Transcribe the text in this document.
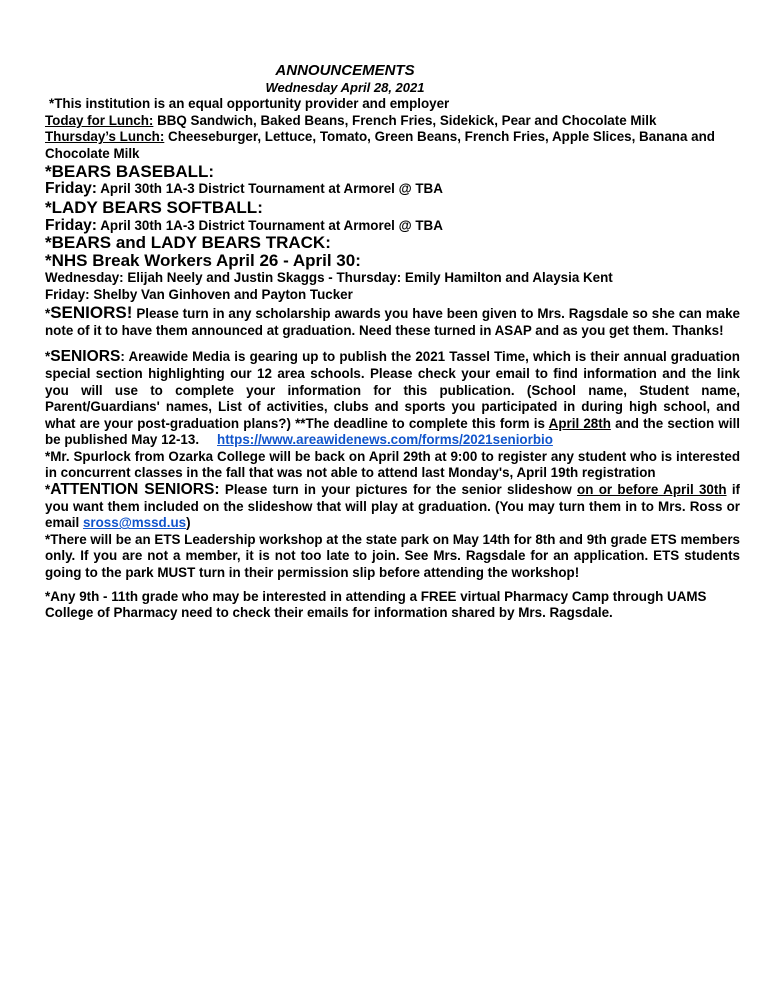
ANNOUNCEMENTS
Wednesday April 28, 2021

*This institution is an equal opportunity provider and employer

Today for Lunch: BBQ Sandwich, Baked Beans, French Fries, Sidekick, Pear and Chocolate Milk

Thursday’s Lunch: Cheeseburger, Lettuce, Tomato, Green Beans, French Fries, Apple Slices, Banana and Chocolate Milk

*BEARS BASEBALL:

Friday: April 30th 1A-3 District Tournament at Armorel @ TBA

*LADY BEARS SOFTBALL:

Friday: April 30th 1A-3 District Tournament at Armorel @ TBA

*BEARS and LADY BEARS TRACK:

*NHS Break Workers April 26 - April 30:

Wednesday: Elijah Neely and Justin Skaggs - Thursday: Emily Hamilton and Alaysia Kent

Friday: Shelby Van Ginhoven and Payton Tucker

*SENIORS! Please turn in any scholarship awards you have been given to Mrs. Ragsdale so she can make note of it to have them announced at graduation. Need these turned in ASAP and as you get them. Thanks!

*SENIORS: Areawide Media is gearing up to publish the 2021 Tassel Time, which is their annual graduation special section highlighting our 12 area schools. Please check your email to find information and the link you will use to complete your information for this publication. (School name, Student name, Parent/Guardians' names, List of activities, clubs and sports you participated in during high school, and what are your post-graduation plans?) **The deadline to complete this form is April 28th and the section will be published May 12-13. https://www.areawidenews.com/forms/2021seniorbio

*Mr. Spurlock from Ozarka College will be back on April 29th at 9:00 to register any student who is interested in concurrent classes in the fall that was not able to attend last Monday's, April 19th registration

*ATTENTION SENIORS: Please turn in your pictures for the senior slideshow on or before April 30th if you want them included on the slideshow that will play at graduation. (You may turn them in to Mrs. Ross or email sross@mssd.us)

*There will be an ETS Leadership workshop at the state park on May 14th for 8th and 9th grade ETS members only. If you are not a member, it is not too late to join. See Mrs. Ragsdale for an application. ETS students going to the park MUST turn in their permission slip before attending the workshop!

*Any 9th - 11th grade who may be interested in attending a FREE virtual Pharmacy Camp through UAMS College of Pharmacy need to check their emails for information shared by Mrs. Ragsdale.
